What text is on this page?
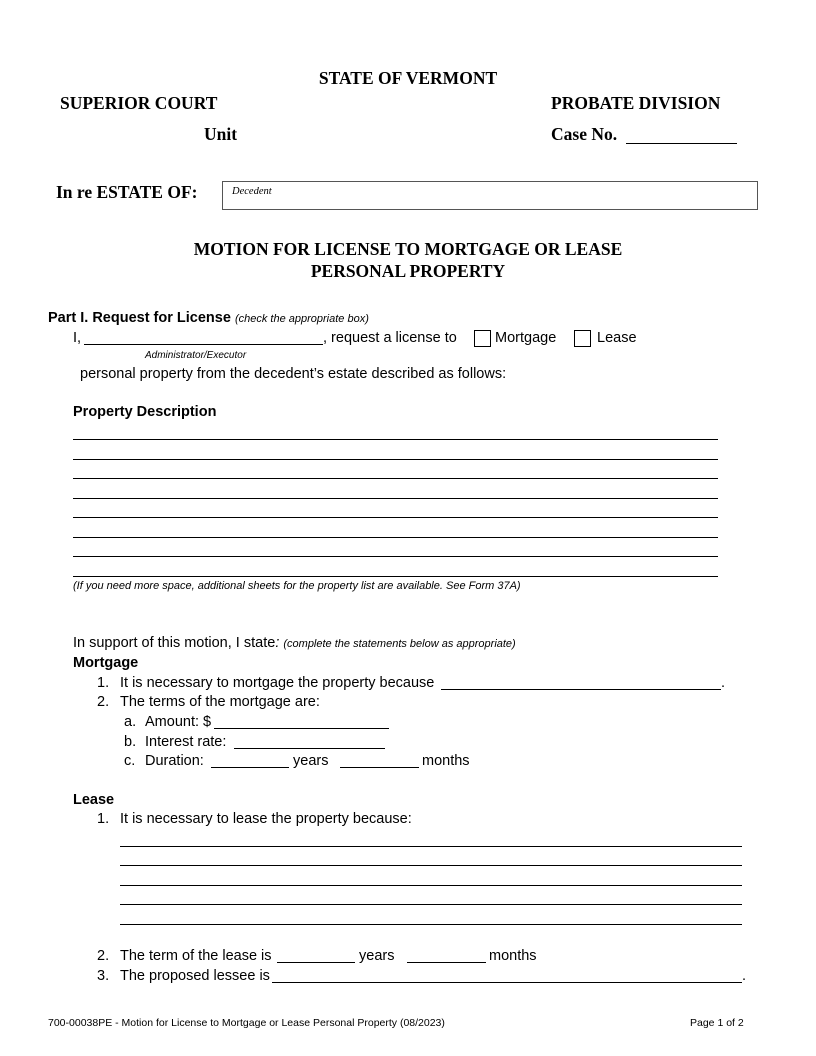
STATE OF VERMONT
SUPERIOR COURT	PROBATE DIVISION
Unit	Case No.
In re ESTATE OF:	Decedent
MOTION FOR LICENSE TO MORTGAGE OR LEASE
PERSONAL PROPERTY
Part I. Request for License (check the appropriate box)
I,	, request a license to	Mortgage	Lease
Administrator/Executor
personal property from the decedent’s estate described as follows:
Property Description
(If you need more space, additional sheets for the property list are available. See Form 37A)
In support of this motion, I state: (complete the statements below as appropriate)
Mortgage
1. It is necessary to mortgage the property because	.
2. The terms of the mortgage are:
a. Amount: $
b. Interest rate:
c. Duration:	years	months
Lease
1. It is necessary to lease the property because:
2. The term of the lease is	years	months
3. The proposed lessee is	.
700-00038PE - Motion for License to Mortgage or Lease Personal Property (08/2023)	Page 1 of 2
